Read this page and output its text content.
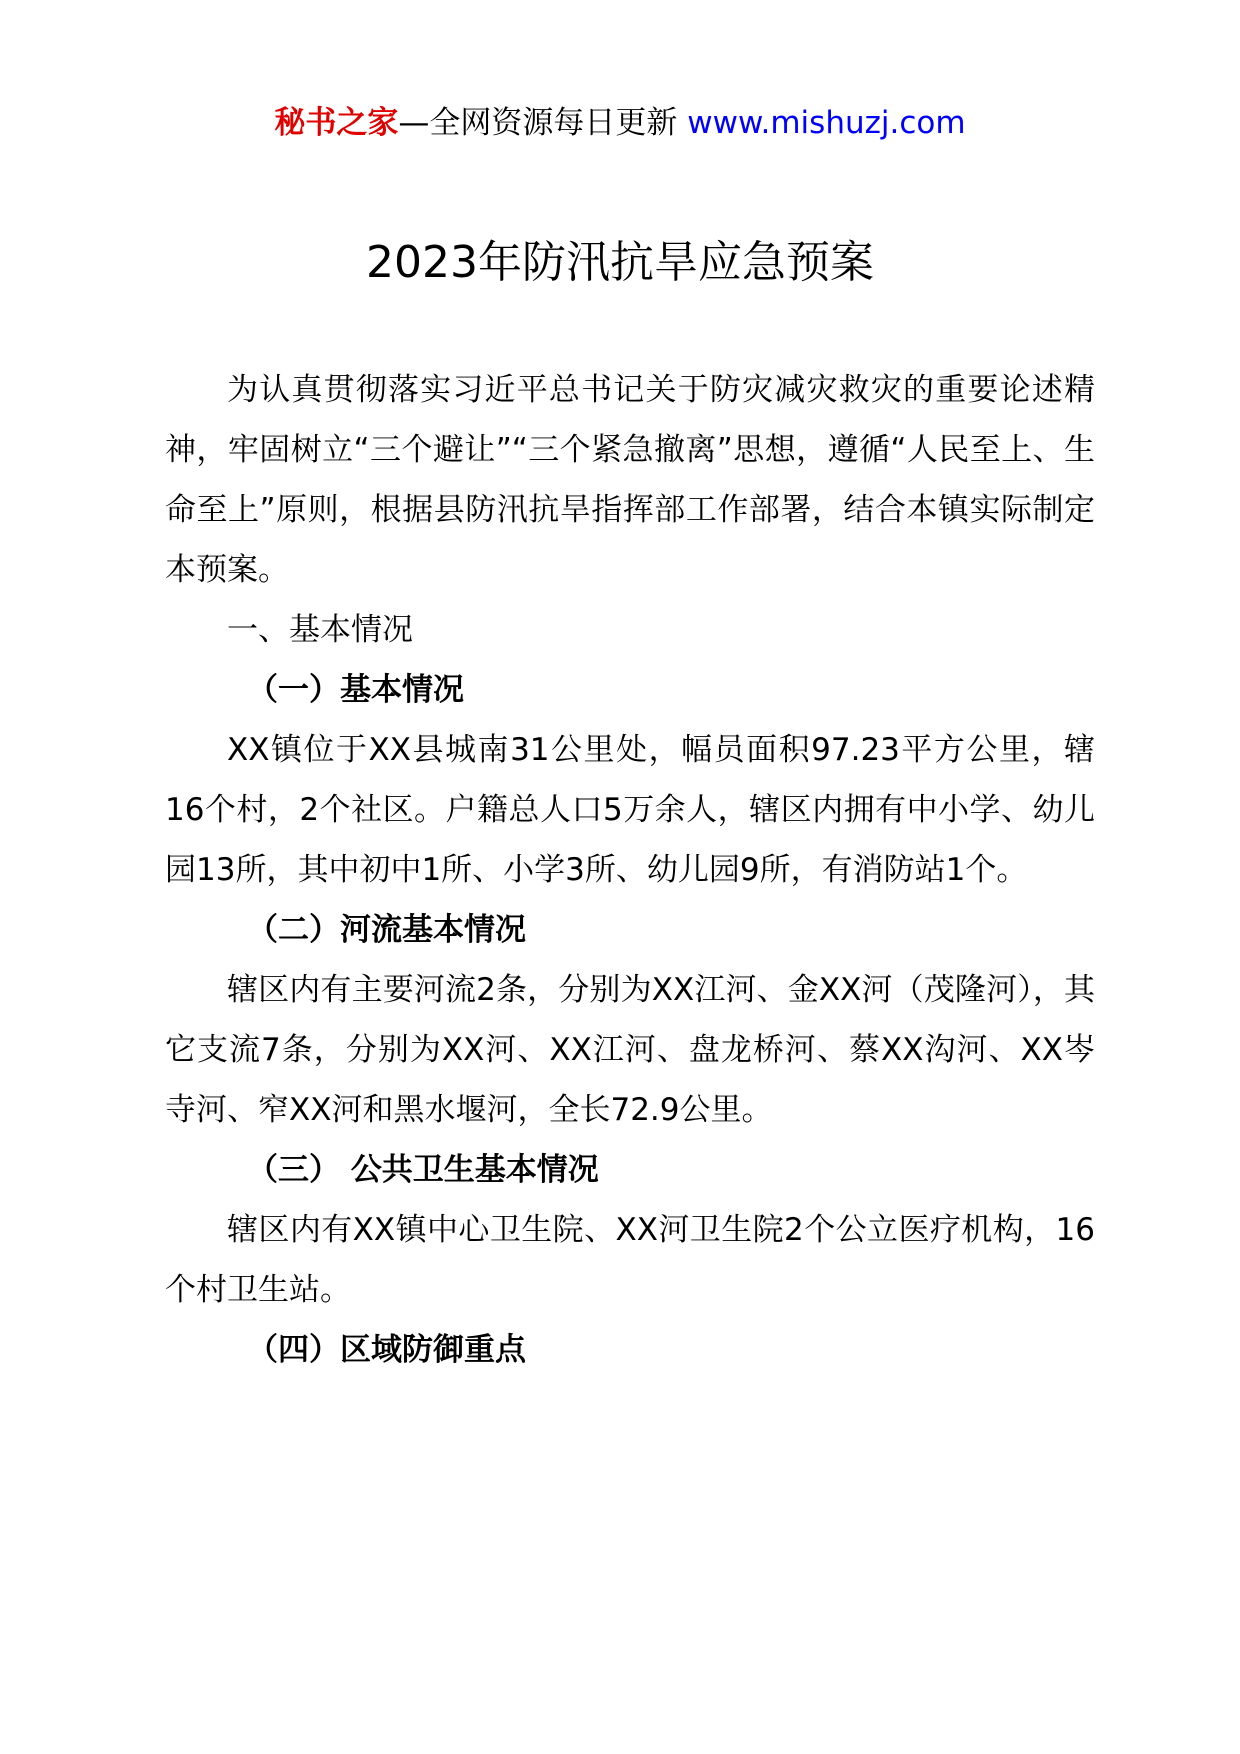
秘书之家—全网资源每日更新 www.mishuzj.com
2023年防汛抗旱应急预案

为认真贯彻落实习近平总书记关于防灾减灾救灾的重要论述精神，牢固树立“三个避让”“三个紧急撤离”思想，遵循“人民至上、生命至上”原则，根据县防汛抗旱指挥部工作部署，结合本镇实际制定本预案。

一、基本情况

（一）基本情况

XX镇位于XX县城南31公里处，幅员面积97.23平方公里，辖16个村，2个社区。户籍总人口5万余人，辖区内拥有中小学、幼儿园13所，其中初中1所、小学3所、幼儿园9所，有消防站1个。

（二）河流基本情况

辖区内有主要河流2条，分别为XX江河、金XX河（茂隆河），其它支流7条，分别为XX河、XX江河、盘龙桥河、蔡XX沟河、XX岑寺河、窄XX河和黑水堰河，全长72.9公里。

（三） 公共卫生基本情况

辖区内有XX镇中心卫生院、XX河卫生院2个公立医疗机构，16个村卫生站。

（四）区域防御重点
